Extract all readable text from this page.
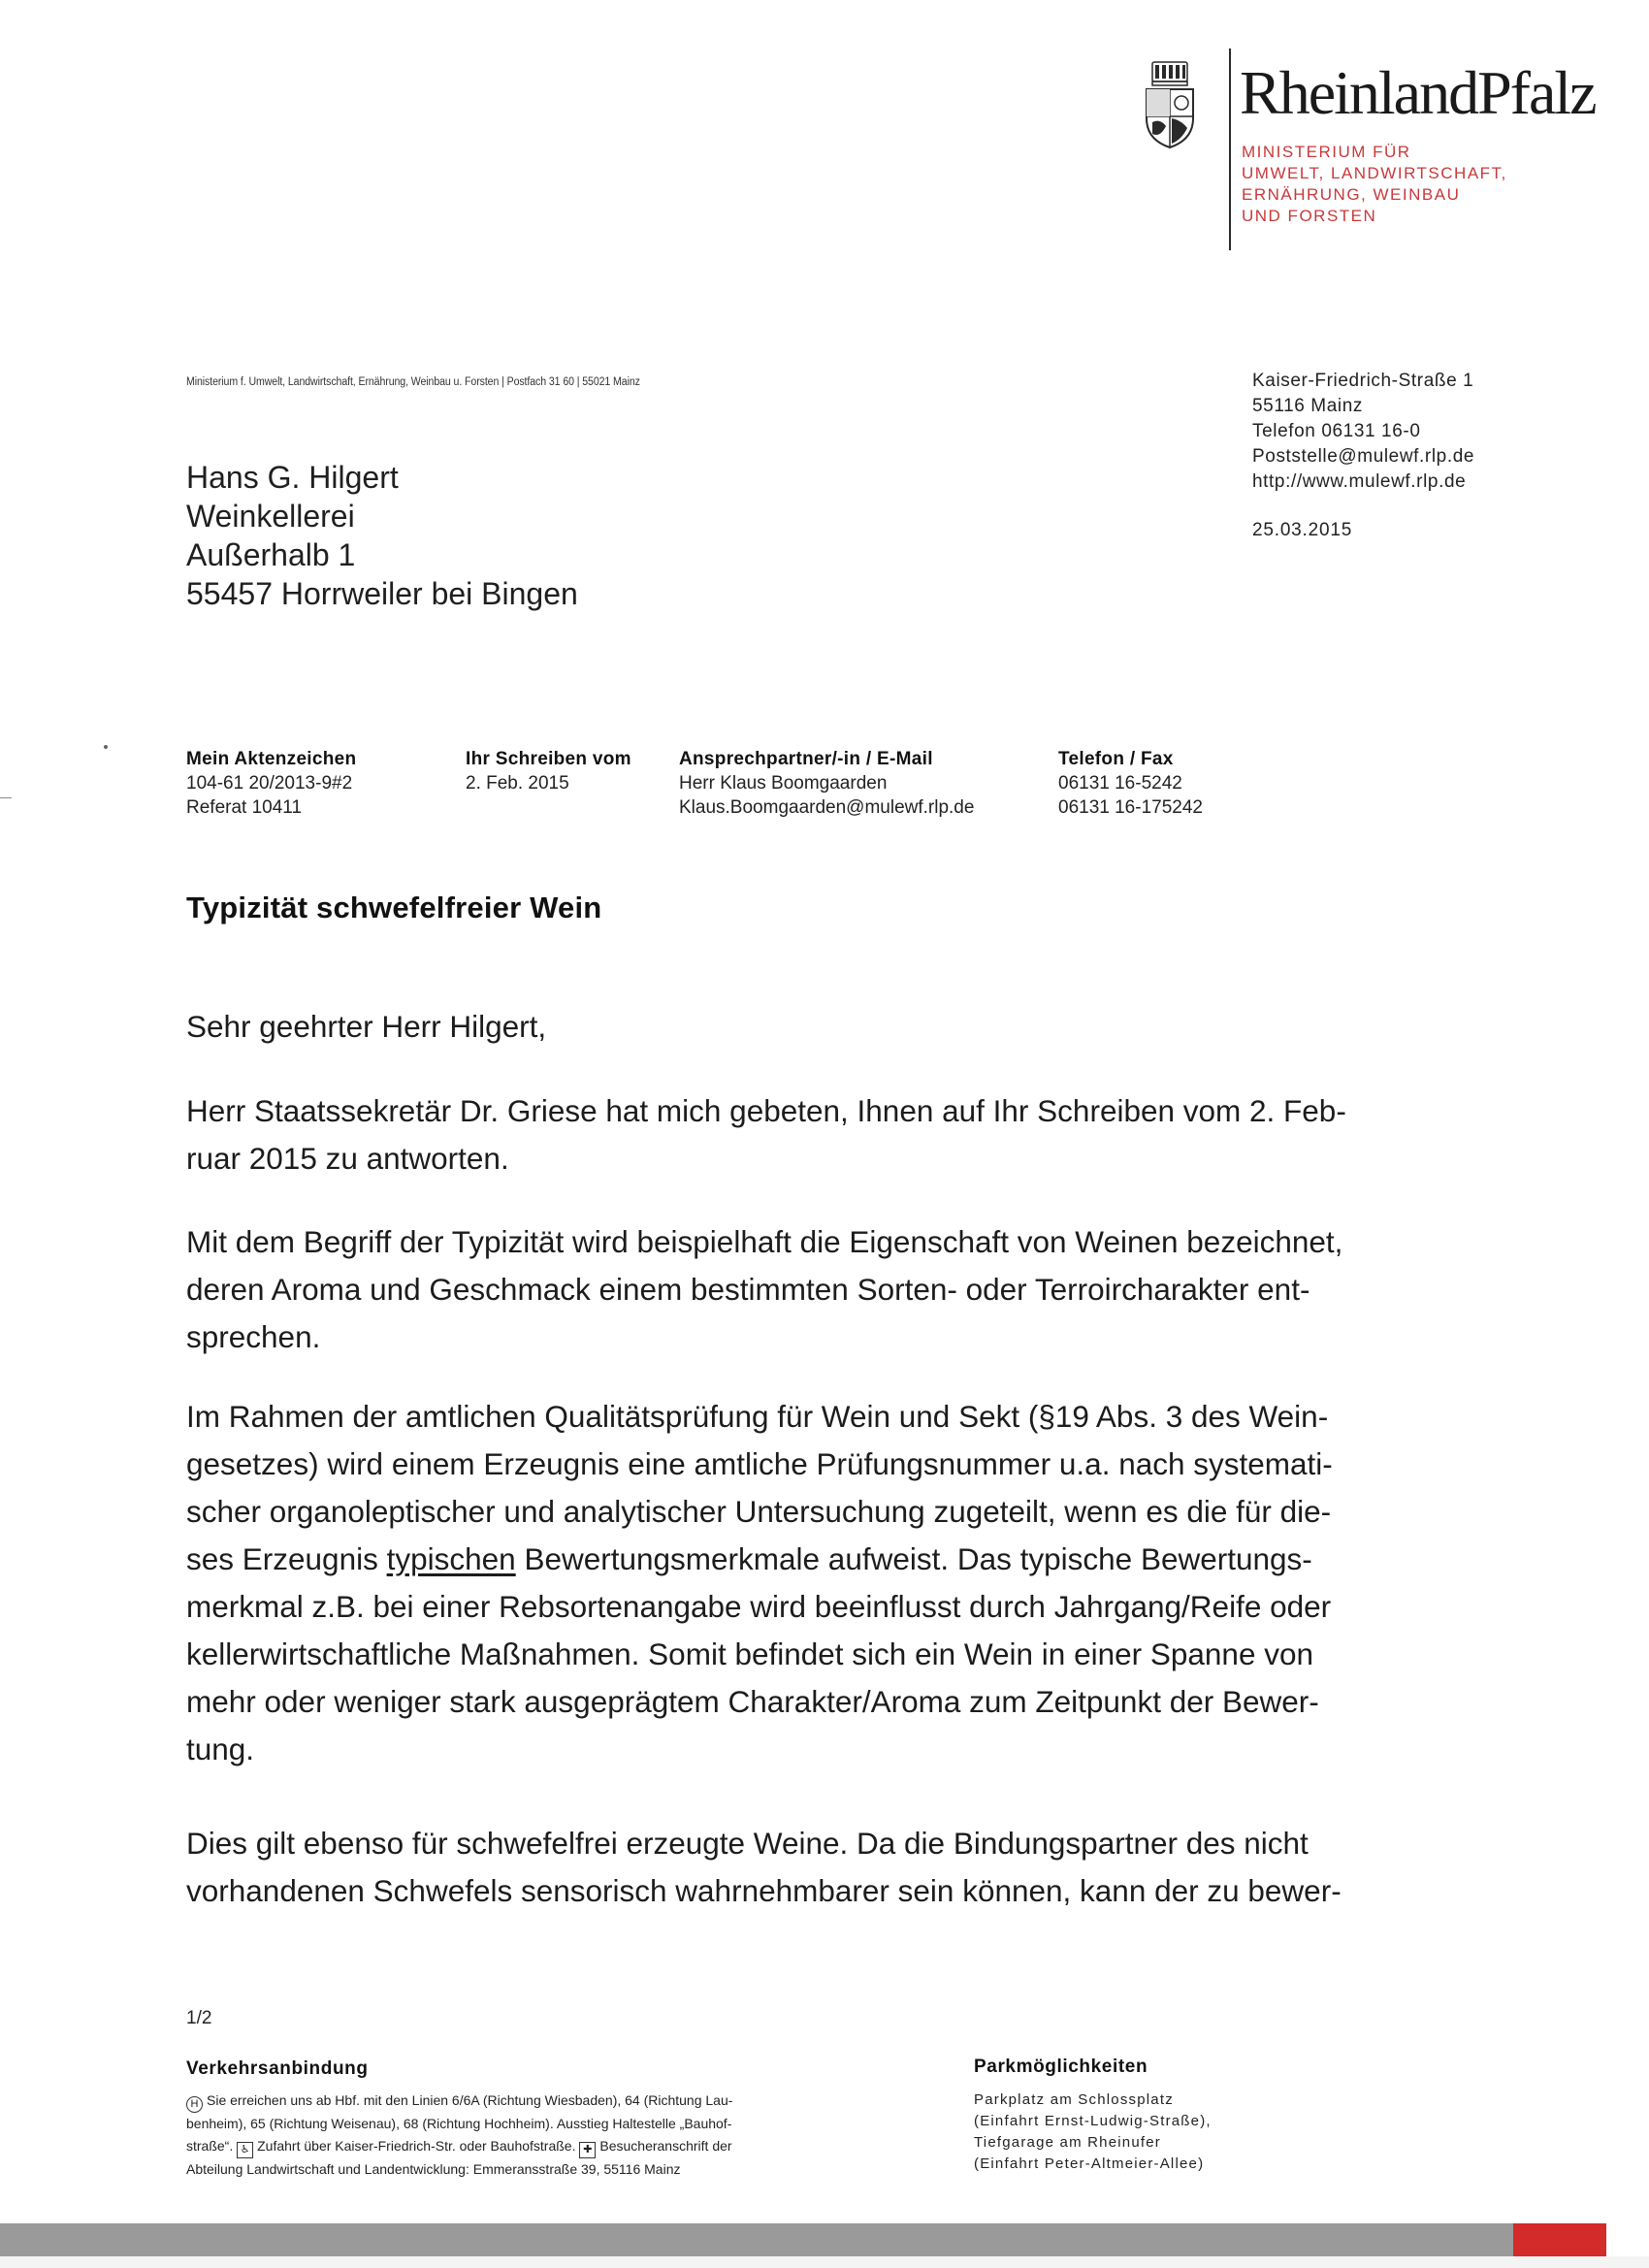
RheinlandPfalz
MINISTERIUM FÜR
UMWELT, LANDWIRTSCHAFT,
ERNÄHRUNG, WEINBAU
UND FORSTEN
Ministerium f. Umwelt, Landwirtschaft, Ernährung, Weinbau u. Forsten | Postfach 31 60 | 55021 Mainz	Kaiser-Friedrich-Straße 1
55116 Mainz
Telefon 06131 16-0
Poststelle@mulewf.rlp.de
http://www.mulewf.rlp.de
25.03.2015
Hans G. Hilgert
Weinkellerei
Außerhalb 1
55457 Horrweiler bei Bingen
Mein Aktenzeichen
104-61 20/2013-9#2
Referat 10411
Ihr Schreiben vom
2. Feb. 2015
Ansprechpartner/-in / E-Mail
Herr Klaus Boomgaarden
Klaus.Boomgaarden@mulewf.rlp.de
Telefon / Fax
06131 16-5242
06131 16-175242
Typizität schwefelfreier Wein
Sehr geehrter Herr Hilgert,
Herr Staatssekretär Dr. Griese hat mich gebeten, Ihnen auf Ihr Schreiben vom 2. Feb-
ruar 2015 zu antworten.
Mit dem Begriff der Typizität wird beispielhaft die Eigenschaft von Weinen bezeichnet,
deren Aroma und Geschmack einem bestimmten Sorten- oder Terroircharakter ent-
sprechen.
Im Rahmen der amtlichen Qualitätsprüfung für Wein und Sekt (§19 Abs. 3 des Wein-
gesetzes) wird einem Erzeugnis eine amtliche Prüfungsnummer u.a. nach systemati-
scher organoleptischer und analytischer Untersuchung zugeteilt, wenn es die für die-
ses Erzeugnis typischen Bewertungsmerkmale aufweist. Das typische Bewertungs-
merkmal z.B. bei einer Rebsortenangabe wird beeinflusst durch Jahrgang/Reife oder
kellerwirtschaftliche Maßnahmen. Somit befindet sich ein Wein in einer Spanne von
mehr oder weniger stark ausgeprägtem Charakter/Aroma zum Zeitpunkt der Bewer-
tung.
Dies gilt ebenso für schwefelfrei erzeugte Weine. Da die Bindungspartner des nicht
vorhandenen Schwefels sensorisch wahrnehmbarer sein können, kann der zu bewer-
1/2
Verkehrsanbindung
H Sie erreichen uns ab Hbf. mit den Linien 6/6A (Richtung Wiesbaden), 64 (Richtung Lau-
benheim), 65 (Richtung Weisenau), 68 (Richtung Hochheim). Ausstieg Haltestelle „Bauhof-
straße“. ♿ Zufahrt über Kaiser-Friedrich-Str. oder Bauhofstraße. ✚ Besucheranschrift der
Abteilung Landwirtschaft und Landentwicklung: Emmeransstraße 39, 55116 Mainz
Parkmöglichkeiten
Parkplatz am Schlossplatz
(Einfahrt Ernst-Ludwig-Straße),
Tiefgarage am Rheinufer
(Einfahrt Peter-Altmeier-Allee)
